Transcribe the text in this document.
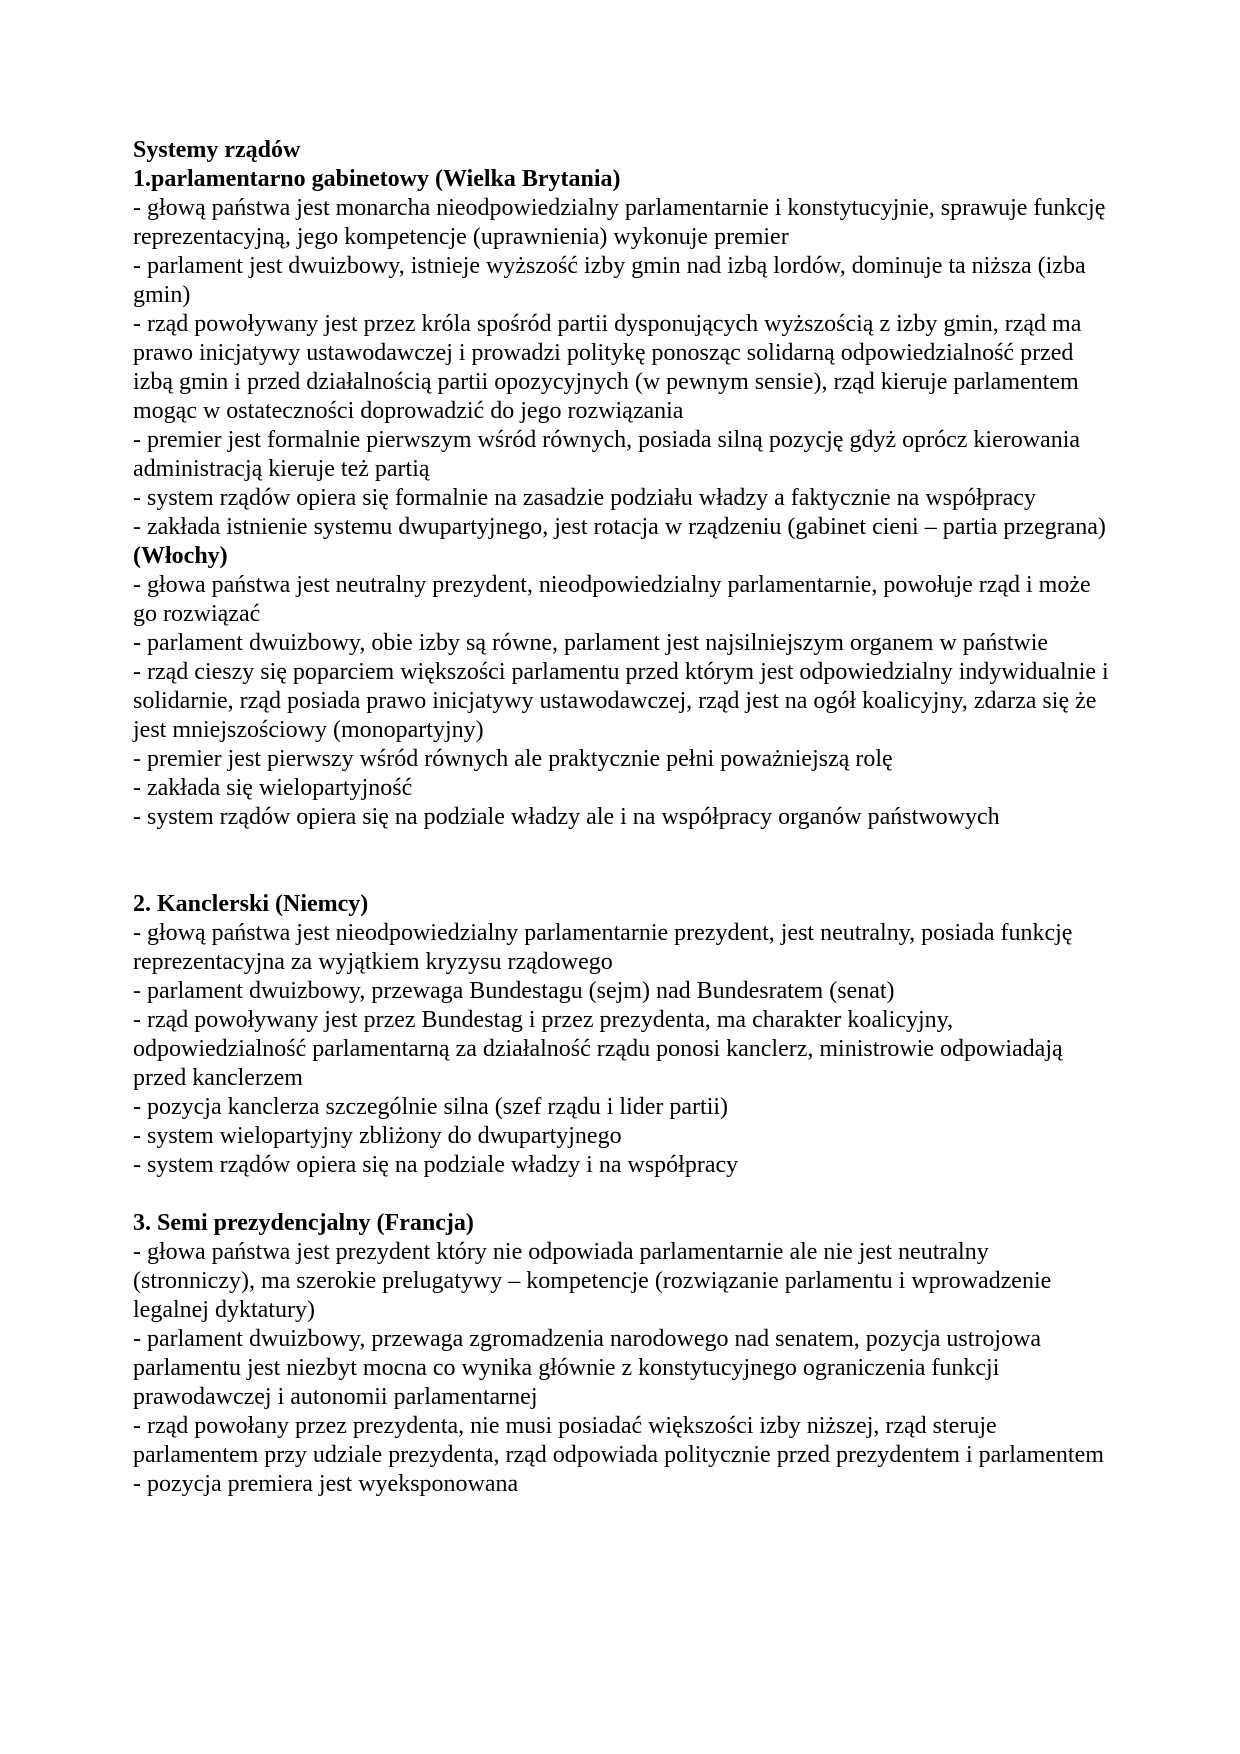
Systemy rządów
1.parlamentarno gabinetowy (Wielka Brytania)

- głową państwa jest monarcha nieodpowiedzialny parlamentarnie i konstytucyjnie, sprawuje funkcję reprezentacyjną, jego kompetencje (uprawnienia) wykonuje premier

- parlament jest dwuizbowy, istnieje wyższość izby gmin nad izbą lordów, dominuje ta niższa (izba gmin)

- rząd powoływany jest przez króla spośród partii dysponujących wyższością z izby gmin, rząd ma prawo inicjatywy ustawodawczej i prowadzi politykę ponosząc solidarną odpowiedzialność przed izbą gmin i przed działalnością partii opozycyjnych (w pewnym sensie), rząd kieruje parlamentem mogąc w ostateczności doprowadzić do jego rozwiązania

- premier jest formalnie pierwszym wśród równych, posiada silną pozycję gdyż oprócz kierowania administracją kieruje też partią

- system rządów opiera się formalnie na zasadzie podziału władzy a faktycznie na współpracy

- zakłada istnienie systemu dwupartyjnego, jest rotacja w rządzeniu (gabinet cieni – partia przegrana)

(Włochy)

- głowa państwa jest neutralny prezydent, nieodpowiedzialny parlamentarnie, powołuje rząd i może go rozwiązać

- parlament dwuizbowy, obie izby są równe, parlament jest najsilniejszym organem w państwie

- rząd cieszy się poparciem większości parlamentu przed którym jest odpowiedzialny indywidualnie i solidarnie, rząd posiada prawo inicjatywy ustawodawczej, rząd jest na ogół koalicyjny, zdarza się że jest mniejszościowy (monopartyjny)

- premier jest pierwszy wśród równych ale praktycznie pełni poważniejszą rolę

- zakłada się wielopartyjność

- system rządów opiera się na podziale władzy ale i na współpracy organów państwowych

2. Kanclerski (Niemcy)

- głową państwa jest nieodpowiedzialny parlamentarnie prezydent, jest neutralny, posiada funkcję reprezentacyjna za wyjątkiem kryzysu rządowego

- parlament dwuizbowy, przewaga Bundestagu (sejm) nad Bundesratem (senat)

- rząd powoływany jest przez Bundestag i przez prezydenta, ma charakter koalicyjny, odpowiedzialność parlamentarną za działalność rządu ponosi kanclerz, ministrowie odpowiadają przed kanclerzem

- pozycja kanclerza szczególnie silna (szef rządu i lider partii)

- system wielopartyjny zbliżony do dwupartyjnego

- system rządów opiera się na podziale władzy i na współpracy

3. Semi prezydencjalny (Francja)

- głowa państwa jest prezydent który nie odpowiada parlamentarnie ale nie jest neutralny (stronniczy), ma szerokie prelugatywy – kompetencje (rozwiązanie parlamentu i wprowadzenie legalnej dyktatury)

- parlament dwuizbowy, przewaga zgromadzenia narodowego nad senatem, pozycja ustrojowa parlamentu jest niezbyt mocna co wynika głównie z konstytucyjnego ograniczenia funkcji prawodawczej i autonomii parlamentarnej

- rząd powołany przez prezydenta, nie musi posiadać większości izby niższej, rząd steruje parlamentem przy udziale prezydenta, rząd odpowiada politycznie przed prezydentem i parlamentem

- pozycja premiera jest wyeksponowana
